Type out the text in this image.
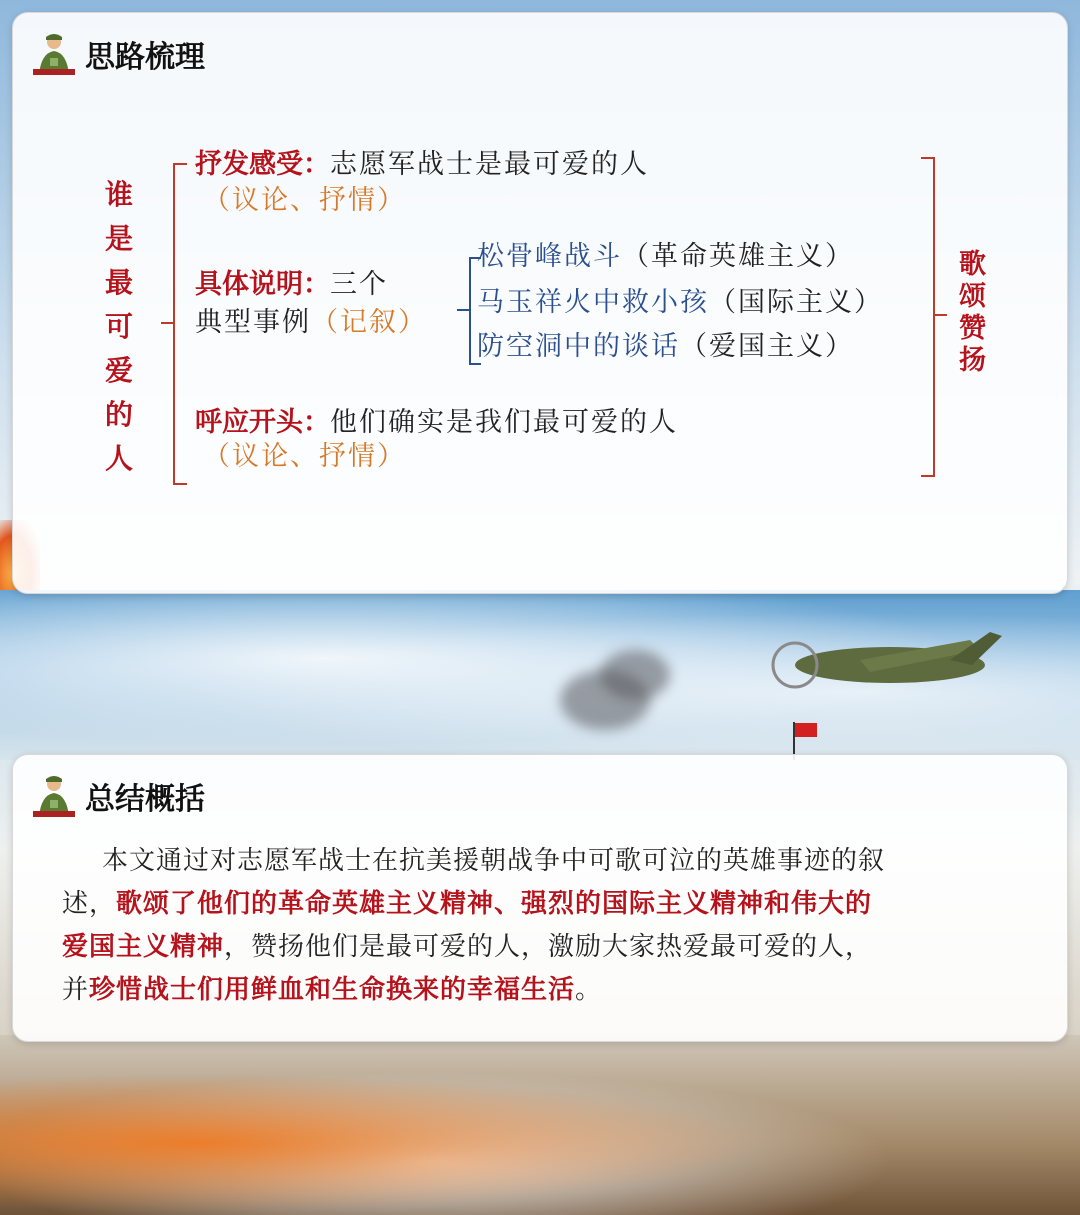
思路梳理
谁
是
最
可
爱
的
人
抒发感受：志愿军战士是最可爱的人
（议论、抒情）
具体说明：三个
典型事例（记叙）
松骨峰战斗（革命英雄主义）
马玉祥火中救小孩（国际主义）
防空洞中的谈话（爱国主义）
呼应开头：他们确实是我们最可爱的人
（议论、抒情）
歌
颂
赞
扬
总结概括
本文通过对志愿军战士在抗美援朝战争中可歌可泣的英雄事迹的叙
述，歌颂了他们的革命英雄主义精神、强烈的国际主义精神和伟大的
爱国主义精神，赞扬他们是最可爱的人，激励大家热爱最可爱的人，
并珍惜战士们用鲜血和生命换来的幸福生活。
